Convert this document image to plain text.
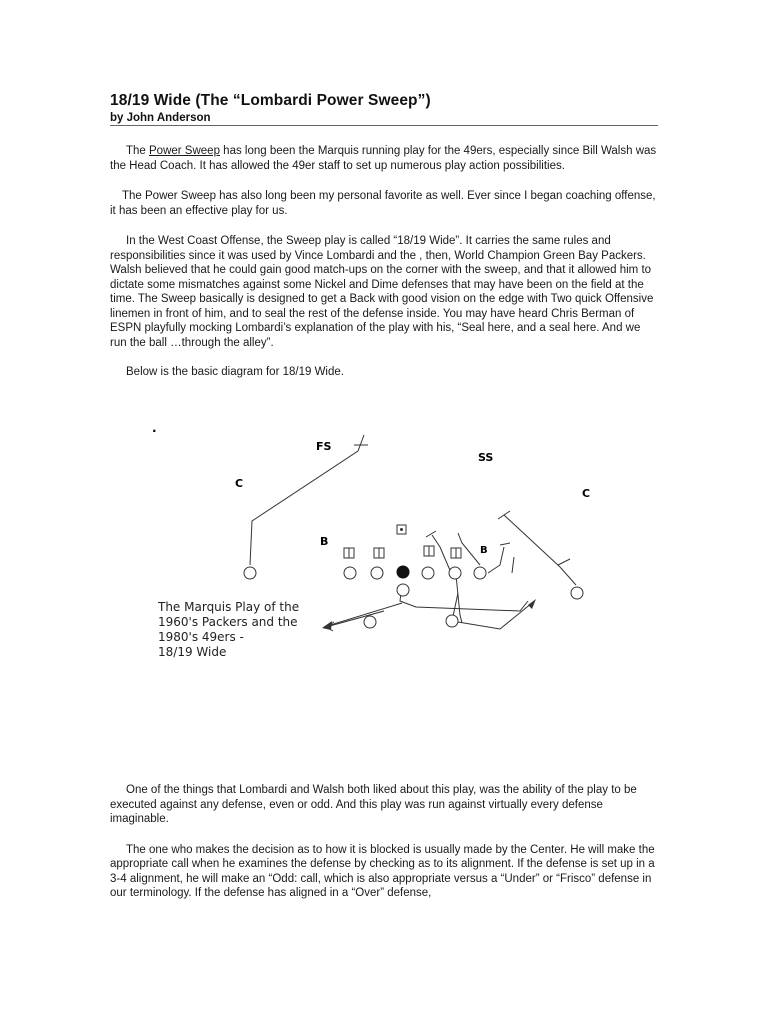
18/19 Wide (The “Lombardi Power Sweep”)
by John Anderson

The Power Sweep has long been the Marquis running play for the 49ers, especially since Bill Walsh was the Head Coach. It has allowed the 49er staff to set up numerous play action possibilities.

The Power Sweep has also long been my personal favorite as well. Ever since I began coaching offense, it has been an effective play for us.

In the West Coast Offense, the Sweep play is called “18/19 Wide”. It carries the same rules and responsibilities since it was used by Vince Lombardi and the , then, World Champion Green Bay Packers. Walsh believed that he could gain good match-ups on the corner with the sweep, and that it allowed him to dictate some mismatches against some Nickel and Dime defenses that may have been on the field at the time. The Sweep basically is designed to get a Back with good vision on the edge with Two quick Offensive linemen in front of him, and to seal the rest of the defense inside. You may have heard Chris Berman of ESPN playfully mocking Lombardi’s explanation of the play with his, “Seal here, and a seal here. And we run the ball …through the alley”.

Below is the basic diagram for 18/19 Wide.

FS
SS
C
C
B
B
.
The Marquis Play of the
1960's Packers and the
1980's 49ers -
18/19 Wide

One of the things that Lombardi and Walsh both liked about this play, was the ability of the play to be executed against any defense, even or odd. And this play was run against virtually every defense imaginable.

The one who makes the decision as to how it is blocked is usually made by the Center. He will make the appropriate call when he examines the defense by checking as to its alignment. If the defense is set up in a 3-4 alignment, he will make an “Odd: call, which is also appropriate versus a “Under” or “Frisco” defense in our terminology. If the defense has aligned in a “Over” defense,
